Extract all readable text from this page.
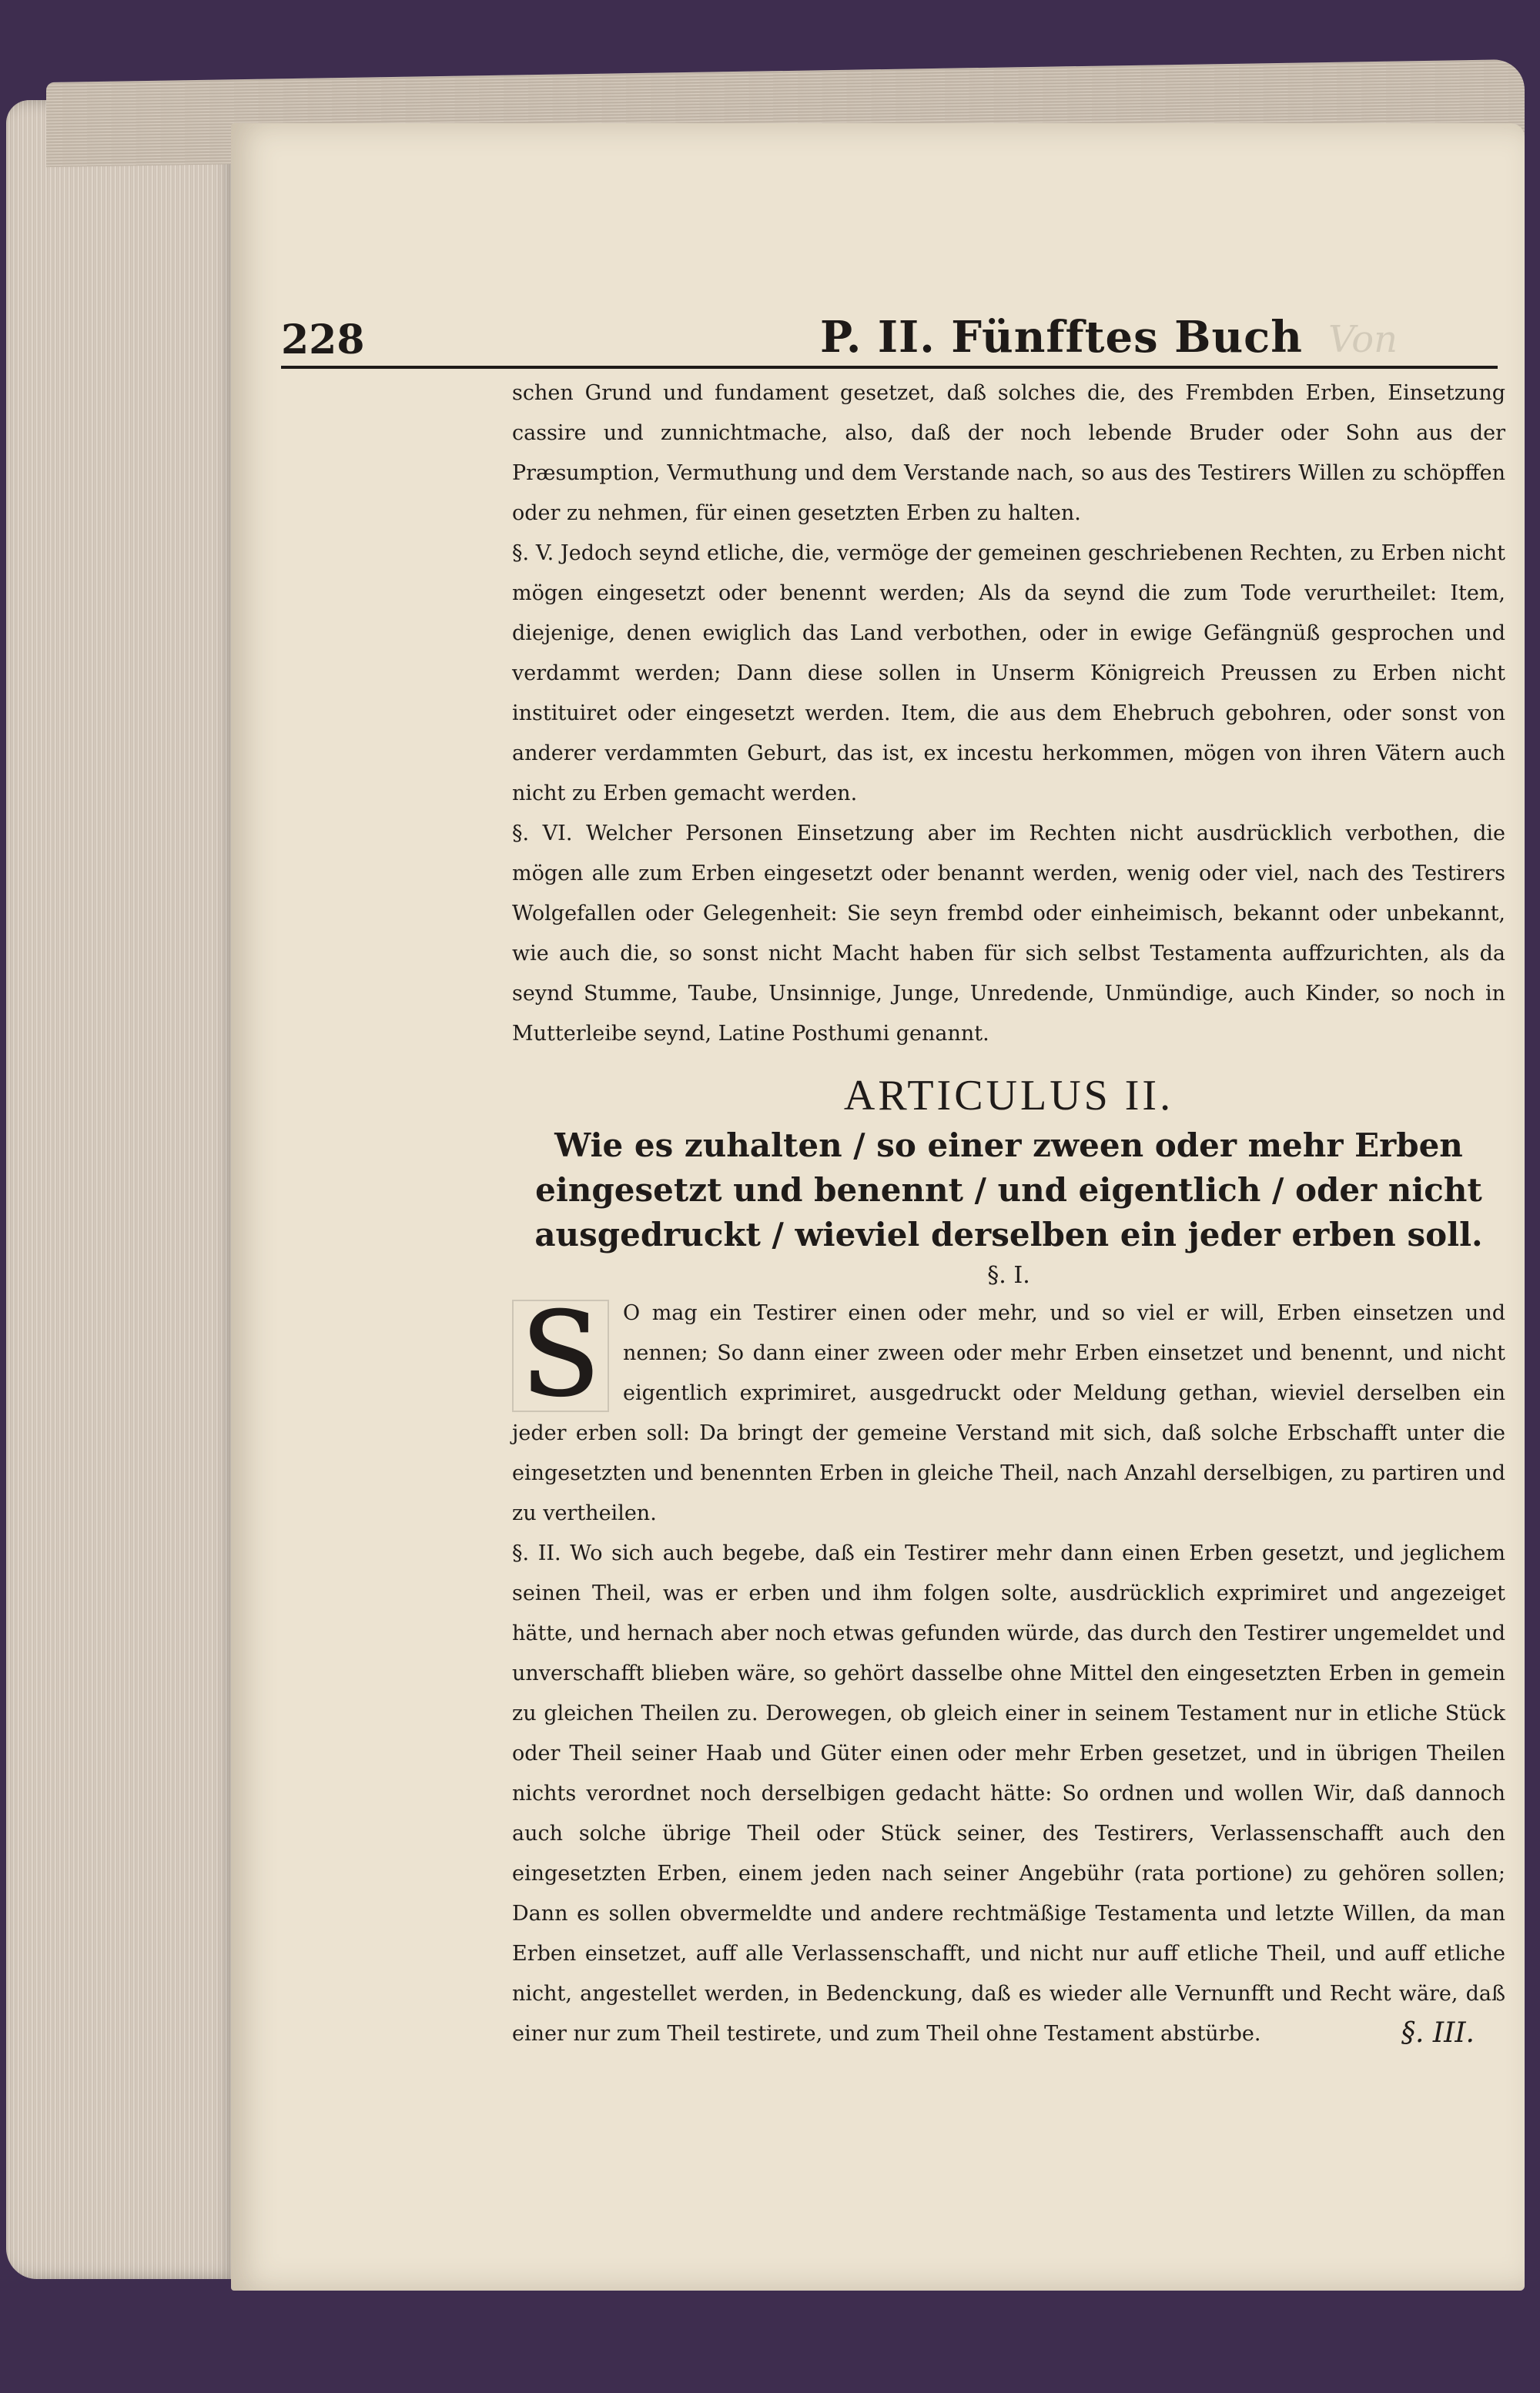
228	P. II. Fünfftes Buch Von

schen Grund und fundament gesetzet, daß solches die, des Frembden Erben, Einsetzung cassire und zunnichtmache, also, daß der noch lebende Bruder oder Sohn aus der Præsumption, Vermuthung und dem Verstande nach, so aus des Testirers Willen zu schöpffen oder zu nehmen, für einen gesetzten Erben zu halten.

§. V. Jedoch seynd etliche, die, vermöge der gemeinen geschriebenen Rechten, zu Erben nicht mögen eingesetzt oder benennt werden; Als da seynd die zum Tode verurtheilet: Item, diejenige, denen ewiglich das Land verbothen, oder in ewige Gefängnüß gesprochen und verdammt werden; Dann diese sollen in Unserm Königreich Preussen zu Erben nicht instituiret oder eingesetzt werden. Item, die aus dem Ehebruch gebohren, oder sonst von anderer verdammten Geburt, das ist, ex incestu herkommen, mögen von ihren Vätern auch nicht zu Erben gemacht werden.

§. VI. Welcher Personen Einsetzung aber im Rechten nicht ausdrücklich verbothen, die mögen alle zum Erben eingesetzt oder benannt werden, wenig oder viel, nach des Testirers Wolgefallen oder Gelegenheit: Sie seyn frembd oder einheimisch, bekannt oder unbekannt, wie auch die, so sonst nicht Macht haben für sich selbst Testamenta auffzurichten, als da seynd Stumme, Taube, Unsinnige, Junge, Unredende, Unmündige, auch Kinder, so noch in Mutterleibe seynd, Latine Posthumi genannt.

ARTICULUS II.

Wie es zuhalten / so einer zween oder mehr Erben eingesetzt und benennt / und eigentlich / oder nicht ausgedruckt / wieviel derselben ein jeder erben soll.

§. I.
S	O mag ein Testirer einen oder mehr, und so viel er will, Erben einsetzen und nennen; So dann einer zween oder mehr Erben einsetzet und benennt, und nicht eigentlich exprimiret, ausgedruckt oder Meldung gethan, wieviel derselben ein jeder erben soll: Da bringt der gemeine Verstand mit sich, daß solche Erbschafft unter die eingesetzten und benennten Erben in gleiche Theil, nach Anzahl derselbigen, zu partiren und zu vertheilen.

§. II. Wo sich auch begebe, daß ein Testirer mehr dann einen Erben gesetzt, und jeglichem seinen Theil, was er erben und ihm folgen solte, ausdrücklich exprimiret und angezeiget hätte, und hernach aber noch etwas gefunden würde, das durch den Testirer ungemeldet und unverschafft blieben wäre, so gehört dasselbe ohne Mittel den eingesetzten Erben in gemein zu gleichen Theilen zu. Derowegen, ob gleich einer in seinem Testament nur in etliche Stück oder Theil seiner Haab und Güter einen oder mehr Erben gesetzet, und in übrigen Theilen nichts verordnet noch derselbigen gedacht hätte: So ordnen und wollen Wir, daß dannoch auch solche übrige Theil oder Stück seiner, des Testirers, Verlassenschafft auch den eingesetzten Erben, einem jeden nach seiner Angebühr (rata portione) zu gehören sollen; Dann es sollen obvermeldte und andere rechtmäßige Testamenta und letzte Willen, da man Erben einsetzet, auff alle Verlassenschafft, und nicht nur auff etliche Theil, und auff etliche nicht, angestellet werden, in Bedenckung, daß es wieder alle Vernunfft und Recht wäre, daß einer nur zum Theil testirete, und zum Theil ohne Testament abstürbe.	§. III.
